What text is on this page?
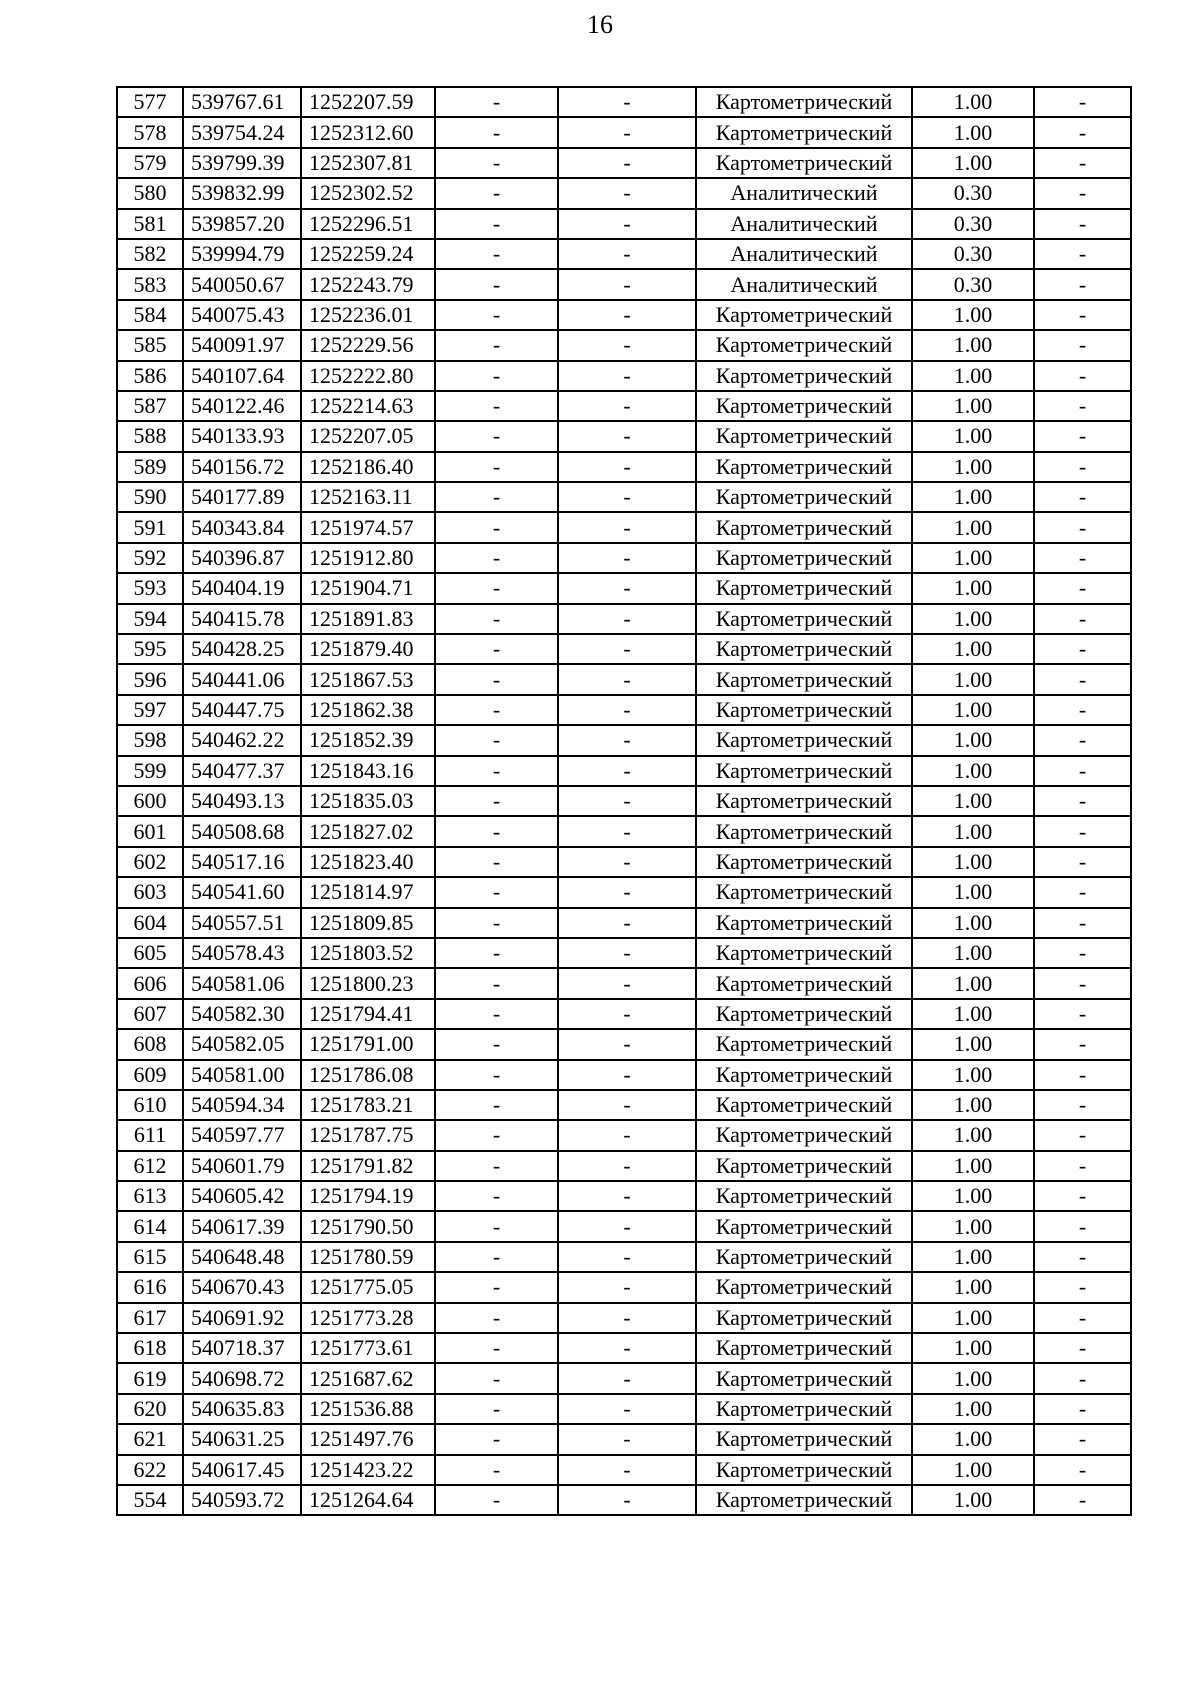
16
577	539767.61	1252207.59	-	-	Картометрический	1.00	-
578	539754.24	1252312.60	-	-	Картометрический	1.00	-
579	539799.39	1252307.81	-	-	Картометрический	1.00	-
580	539832.99	1252302.52	-	-	Аналитический	0.30	-
581	539857.20	1252296.51	-	-	Аналитический	0.30	-
582	539994.79	1252259.24	-	-	Аналитический	0.30	-
583	540050.67	1252243.79	-	-	Аналитический	0.30	-
584	540075.43	1252236.01	-	-	Картометрический	1.00	-
585	540091.97	1252229.56	-	-	Картометрический	1.00	-
586	540107.64	1252222.80	-	-	Картометрический	1.00	-
587	540122.46	1252214.63	-	-	Картометрический	1.00	-
588	540133.93	1252207.05	-	-	Картометрический	1.00	-
589	540156.72	1252186.40	-	-	Картометрический	1.00	-
590	540177.89	1252163.11	-	-	Картометрический	1.00	-
591	540343.84	1251974.57	-	-	Картометрический	1.00	-
592	540396.87	1251912.80	-	-	Картометрический	1.00	-
593	540404.19	1251904.71	-	-	Картометрический	1.00	-
594	540415.78	1251891.83	-	-	Картометрический	1.00	-
595	540428.25	1251879.40	-	-	Картометрический	1.00	-
596	540441.06	1251867.53	-	-	Картометрический	1.00	-
597	540447.75	1251862.38	-	-	Картометрический	1.00	-
598	540462.22	1251852.39	-	-	Картометрический	1.00	-
599	540477.37	1251843.16	-	-	Картометрический	1.00	-
600	540493.13	1251835.03	-	-	Картометрический	1.00	-
601	540508.68	1251827.02	-	-	Картометрический	1.00	-
602	540517.16	1251823.40	-	-	Картометрический	1.00	-
603	540541.60	1251814.97	-	-	Картометрический	1.00	-
604	540557.51	1251809.85	-	-	Картометрический	1.00	-
605	540578.43	1251803.52	-	-	Картометрический	1.00	-
606	540581.06	1251800.23	-	-	Картометрический	1.00	-
607	540582.30	1251794.41	-	-	Картометрический	1.00	-
608	540582.05	1251791.00	-	-	Картометрический	1.00	-
609	540581.00	1251786.08	-	-	Картометрический	1.00	-
610	540594.34	1251783.21	-	-	Картометрический	1.00	-
611	540597.77	1251787.75	-	-	Картометрический	1.00	-
612	540601.79	1251791.82	-	-	Картометрический	1.00	-
613	540605.42	1251794.19	-	-	Картометрический	1.00	-
614	540617.39	1251790.50	-	-	Картометрический	1.00	-
615	540648.48	1251780.59	-	-	Картометрический	1.00	-
616	540670.43	1251775.05	-	-	Картометрический	1.00	-
617	540691.92	1251773.28	-	-	Картометрический	1.00	-
618	540718.37	1251773.61	-	-	Картометрический	1.00	-
619	540698.72	1251687.62	-	-	Картометрический	1.00	-
620	540635.83	1251536.88	-	-	Картометрический	1.00	-
621	540631.25	1251497.76	-	-	Картометрический	1.00	-
622	540617.45	1251423.22	-	-	Картометрический	1.00	-
554	540593.72	1251264.64	-	-	Картометрический	1.00	-
